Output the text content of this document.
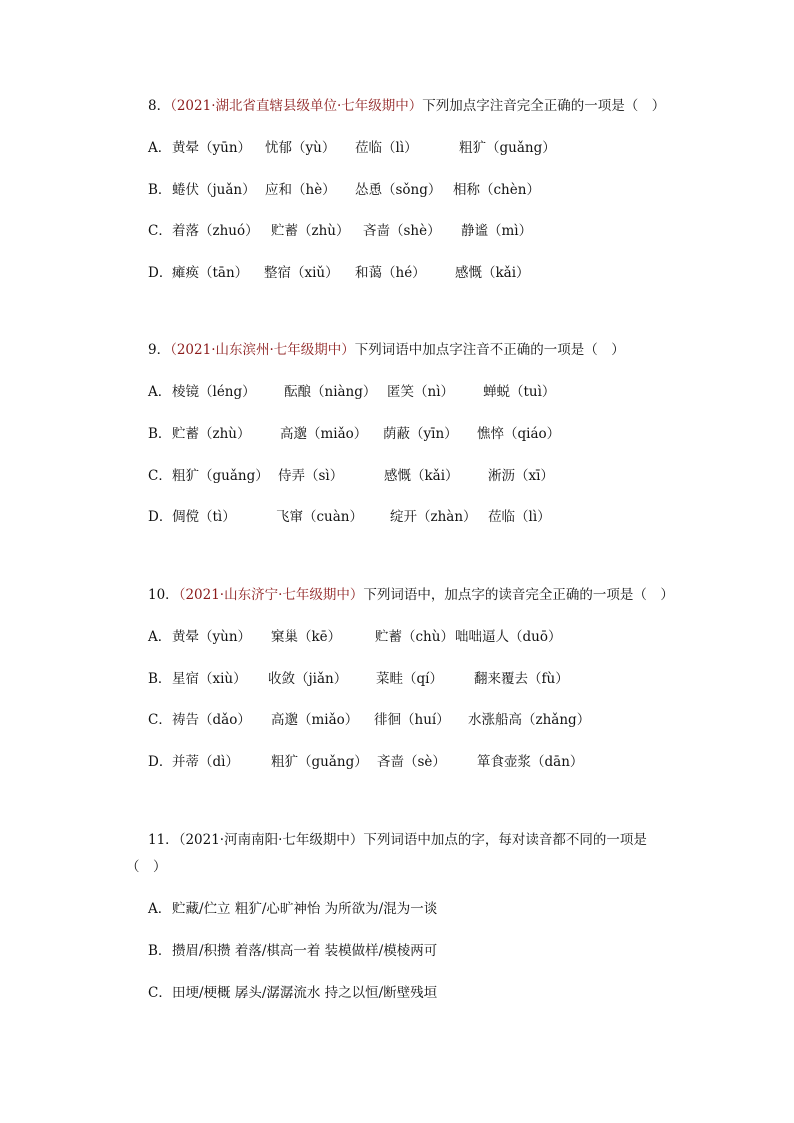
8．（2021·湖北省直辖县级单位·七年级期中）下列加点字注音完全正确的一项是（　）
A．黄晕（yūn） 忧郁（yù） 莅临（lì）	粗犷（guǎng）
B．蜷伏（juǎn） 应和（hè） 怂恿（sǒng） 相称（chèn）
C．着落（zhuó） 贮蓄（zhù） 吝啬（shè） 静谧（mì）
D．瘫痪（tān） 整宿（xiǔ） 和蔼（hé） 感慨（kǎi）
9．（2021·山东滨州·七年级期中）下列词语中加点字注音不正确的一项是（　）
A．棱镜（léng） 酝酿（niàng） 匿笑（nì） 蝉蜕（tuì）
B．贮蓄（zhù） 高邈（miǎo） 荫蔽（yīn） 憔悴（qiáo）
C．粗犷（guǎng） 侍弄（sì）	感慨（kǎi） 淅沥（xī）
D．倜傥（tì）	飞窜（cuàn） 绽开（zhàn） 莅临（lì）
10．（2021·山东济宁·七年级期中）下列词语中，加点字的读音完全正确的一项是（　）
A．黄晕（yùn） 窠巢（kē）	贮蓄（chù）咄咄逼人（duō）
B．星宿（xiù） 收敛（jiǎn） 菜畦（qí） 翻来覆去（fù）
C．祷告（dǎo） 高邈（miǎo） 徘徊（huí） 水涨船高（zhǎng）
D．并蒂（dì） 粗犷（guǎng） 吝啬（sè） 箪食壶浆（dān）
11．（2021·河南南阳·七年级期中）下列词语中加点的字，每对读音都不同的一项是
（　）
A．贮藏/伫立 粗犷/心旷神怡 为所欲为/混为一谈
B．攒眉/积攒 着落/棋高一着 装模做样/模棱两可
C．田埂/梗概 孱头/潺潺流水 持之以恒/断壁残垣
